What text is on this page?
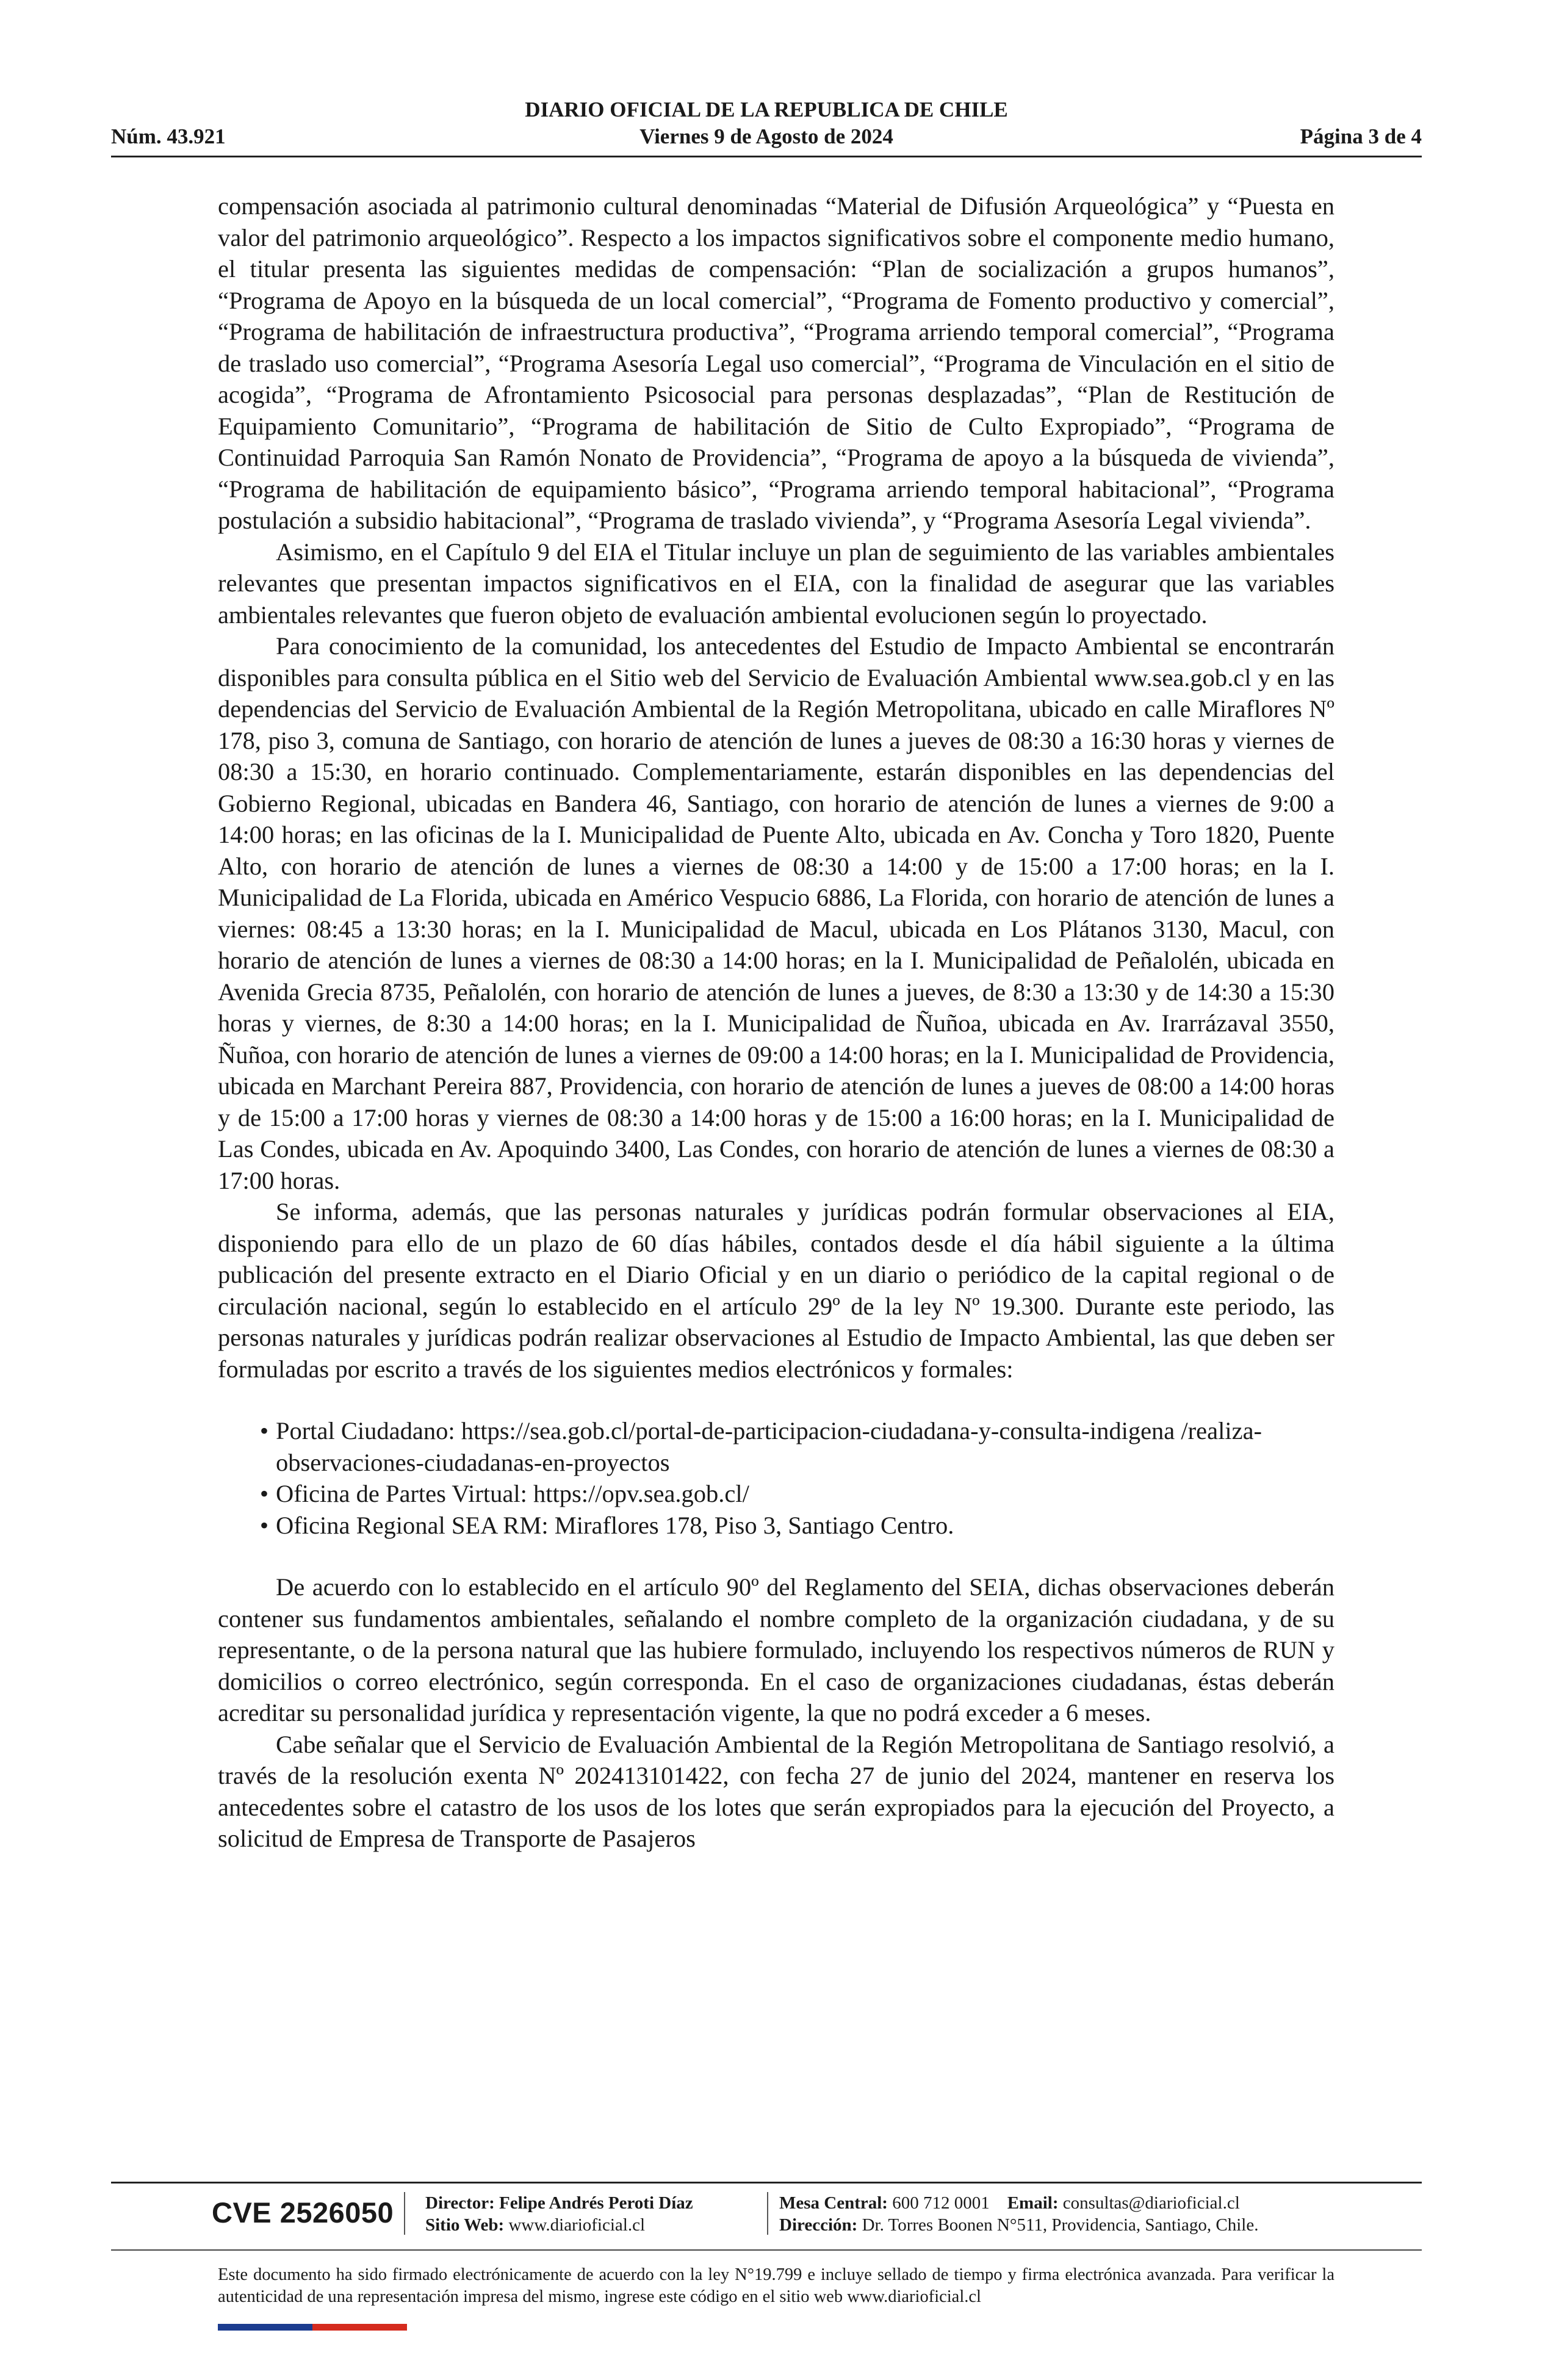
DIARIO OFICIAL DE LA REPUBLICA DE CHILE
Núm. 43.921	Viernes 9 de Agosto de 2024	Página 3 de 4

compensación asociada al patrimonio cultural denominadas “Material de Difusión Arqueológica” y “Puesta en valor del patrimonio arqueológico”. Respecto a los impactos significativos sobre el componente medio humano, el titular presenta las siguientes medidas de compensación: “Plan de socialización a grupos humanos”, “Programa de Apoyo en la búsqueda de un local comercial”, “Programa de Fomento productivo y comercial”, “Programa de habilitación de infraestructura productiva”, “Programa arriendo temporal comercial”, “Programa de traslado uso comercial”, “Programa Asesoría Legal uso comercial”, “Programa de Vinculación en el sitio de acogida”, “Programa de Afrontamiento Psicosocial para personas desplazadas”, “Plan de Restitución de Equipamiento Comunitario”, “Programa de habilitación de Sitio de Culto Expropiado”, “Programa de Continuidad Parroquia San Ramón Nonato de Providencia”, “Programa de apoyo a la búsqueda de vivienda”, “Programa de habilitación de equipamiento básico”, “Programa arriendo temporal habitacional”, “Programa postulación a subsidio habitacional”, “Programa de traslado vivienda”, y “Programa Asesoría Legal vivienda”.

Asimismo, en el Capítulo 9 del EIA el Titular incluye un plan de seguimiento de las variables ambientales relevantes que presentan impactos significativos en el EIA, con la finalidad de asegurar que las variables ambientales relevantes que fueron objeto de evaluación ambiental evolucionen según lo proyectado.

Para conocimiento de la comunidad, los antecedentes del Estudio de Impacto Ambiental se encontrarán disponibles para consulta pública en el Sitio web del Servicio de Evaluación Ambiental www.sea.gob.cl y en las dependencias del Servicio de Evaluación Ambiental de la Región Metropolitana, ubicado en calle Miraflores Nº 178, piso 3, comuna de Santiago, con horario de atención de lunes a jueves de 08:30 a 16:30 horas y viernes de 08:30 a 15:30, en horario continuado. Complementariamente, estarán disponibles en las dependencias del Gobierno Regional, ubicadas en Bandera 46, Santiago, con horario de atención de lunes a viernes de 9:00 a 14:00 horas; en las oficinas de la I. Municipalidad de Puente Alto, ubicada en Av. Concha y Toro 1820, Puente Alto, con horario de atención de lunes a viernes de 08:30 a 14:00 y de 15:00 a 17:00 horas; en la I. Municipalidad de La Florida, ubicada en Américo Vespucio 6886, La Florida, con horario de atención de lunes a viernes: 08:45 a 13:30 horas; en la I. Municipalidad de Macul, ubicada en Los Plátanos 3130, Macul, con horario de atención de lunes a viernes de 08:30 a 14:00 horas; en la I. Municipalidad de Peñalolén, ubicada en Avenida Grecia 8735, Peñalolén, con horario de atención de lunes a jueves, de 8:30 a 13:30 y de 14:30 a 15:30 horas y viernes, de 8:30 a 14:00 horas; en la I. Municipalidad de Ñuñoa, ubicada en Av. Irarrázaval 3550, Ñuñoa, con horario de atención de lunes a viernes de 09:00 a 14:00 horas; en la I. Municipalidad de Providencia, ubicada en Marchant Pereira 887, Providencia, con horario de atención de lunes a jueves de 08:00 a 14:00 horas y de 15:00 a 17:00 horas y viernes de 08:30 a 14:00 horas y de 15:00 a 16:00 horas; en la I. Municipalidad de Las Condes, ubicada en Av. Apoquindo 3400, Las Condes, con horario de atención de lunes a viernes de 08:30 a 17:00 horas.

Se informa, además, que las personas naturales y jurídicas podrán formular observaciones al EIA, disponiendo para ello de un plazo de 60 días hábiles, contados desde el día hábil siguiente a la última publicación del presente extracto en el Diario Oficial y en un diario o periódico de la capital regional o de circulación nacional, según lo establecido en el artículo 29º de la ley Nº 19.300. Durante este periodo, las personas naturales y jurídicas podrán realizar observaciones al Estudio de Impacto Ambiental, las que deben ser formuladas por escrito a través de los siguientes medios electrónicos y formales:

• Portal Ciudadano: https://sea.gob.cl/portal-de-participacion-ciudadana-y-consulta-indigena /realiza-observaciones-ciudadanas-en-proyectos
• Oficina de Partes Virtual: https://opv.sea.gob.cl/
• Oficina Regional SEA RM: Miraflores 178, Piso 3, Santiago Centro.

De acuerdo con lo establecido en el artículo 90º del Reglamento del SEIA, dichas observaciones deberán contener sus fundamentos ambientales, señalando el nombre completo de la organización ciudadana, y de su representante, o de la persona natural que las hubiere formulado, incluyendo los respectivos números de RUN y domicilios o correo electrónico, según corresponda. En el caso de organizaciones ciudadanas, éstas deberán acreditar su personalidad jurídica y representación vigente, la que no podrá exceder a 6 meses.

Cabe señalar que el Servicio de Evaluación Ambiental de la Región Metropolitana de Santiago resolvió, a través de la resolución exenta Nº 202413101422, con fecha 27 de junio del 2024, mantener en reserva los antecedentes sobre el catastro de los usos de los lotes que serán expropiados para la ejecución del Proyecto, a solicitud de Empresa de Transporte de Pasajeros

CVE 2526050 Director: Felipe Andrés Peroti Díaz
Sitio Web: www.diarioficial.cl
Mesa Central: 600 712 0001 Email: consultas@diarioficial.cl
Dirección: Dr. Torres Boonen N°511, Providencia, Santiago, Chile.
Este documento ha sido firmado electrónicamente de acuerdo con la ley N°19.799 e incluye sellado de tiempo y firma electrónica avanzada. Para verificar la autenticidad de una representación impresa del mismo, ingrese este código en el sitio web www.diarioficial.cl
